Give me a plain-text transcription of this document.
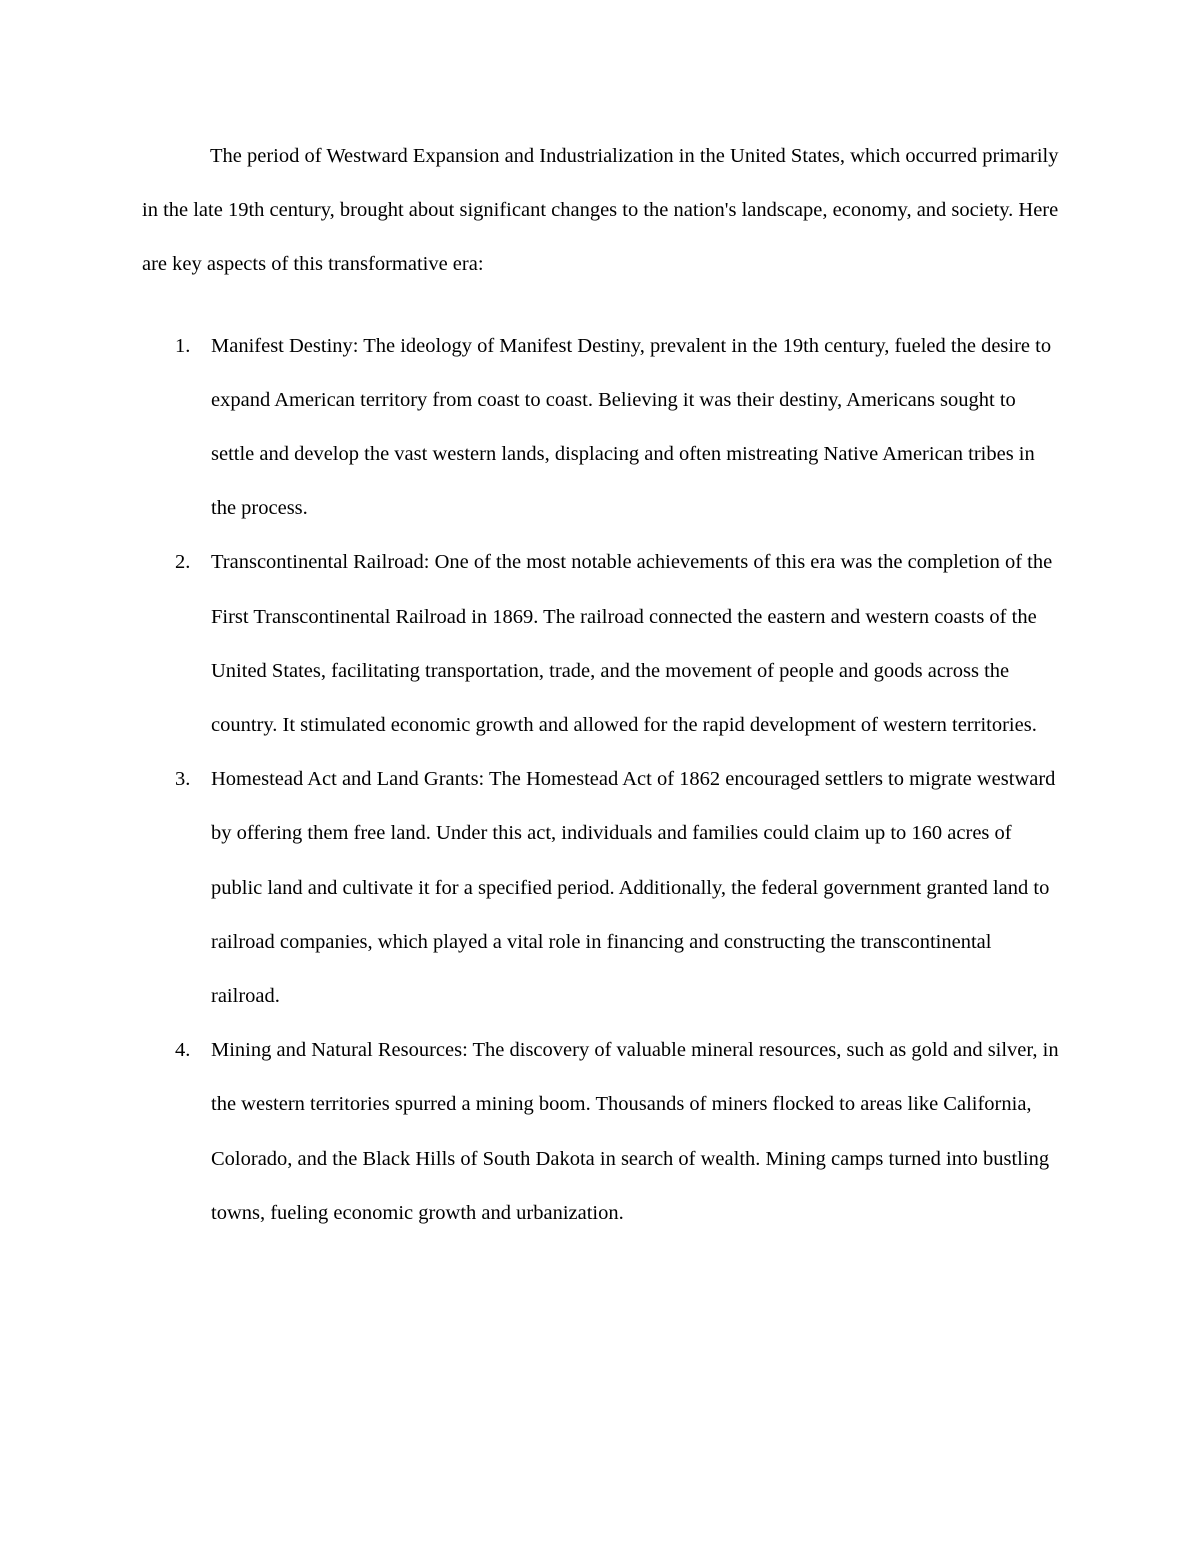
The period of Westward Expansion and Industrialization in the United States, which occurred primarily in the late 19th century, brought about significant changes to the nation's landscape, economy, and society. Here are key aspects of this transformative era:

1. Manifest Destiny: The ideology of Manifest Destiny, prevalent in the 19th century, fueled the desire to expand American territory from coast to coast. Believing it was their destiny, Americans sought to settle and develop the vast western lands, displacing and often mistreating Native American tribes in the process.
2. Transcontinental Railroad: One of the most notable achievements of this era was the completion of the First Transcontinental Railroad in 1869. The railroad connected the eastern and western coasts of the United States, facilitating transportation, trade, and the movement of people and goods across the country. It stimulated economic growth and allowed for the rapid development of western territories.
3. Homestead Act and Land Grants: The Homestead Act of 1862 encouraged settlers to migrate westward by offering them free land. Under this act, individuals and families could claim up to 160 acres of public land and cultivate it for a specified period. Additionally, the federal government granted land to railroad companies, which played a vital role in financing and constructing the transcontinental railroad.
4. Mining and Natural Resources: The discovery of valuable mineral resources, such as gold and silver, in the western territories spurred a mining boom. Thousands of miners flocked to areas like California, Colorado, and the Black Hills of South Dakota in search of wealth. Mining camps turned into bustling towns, fueling economic growth and urbanization.
